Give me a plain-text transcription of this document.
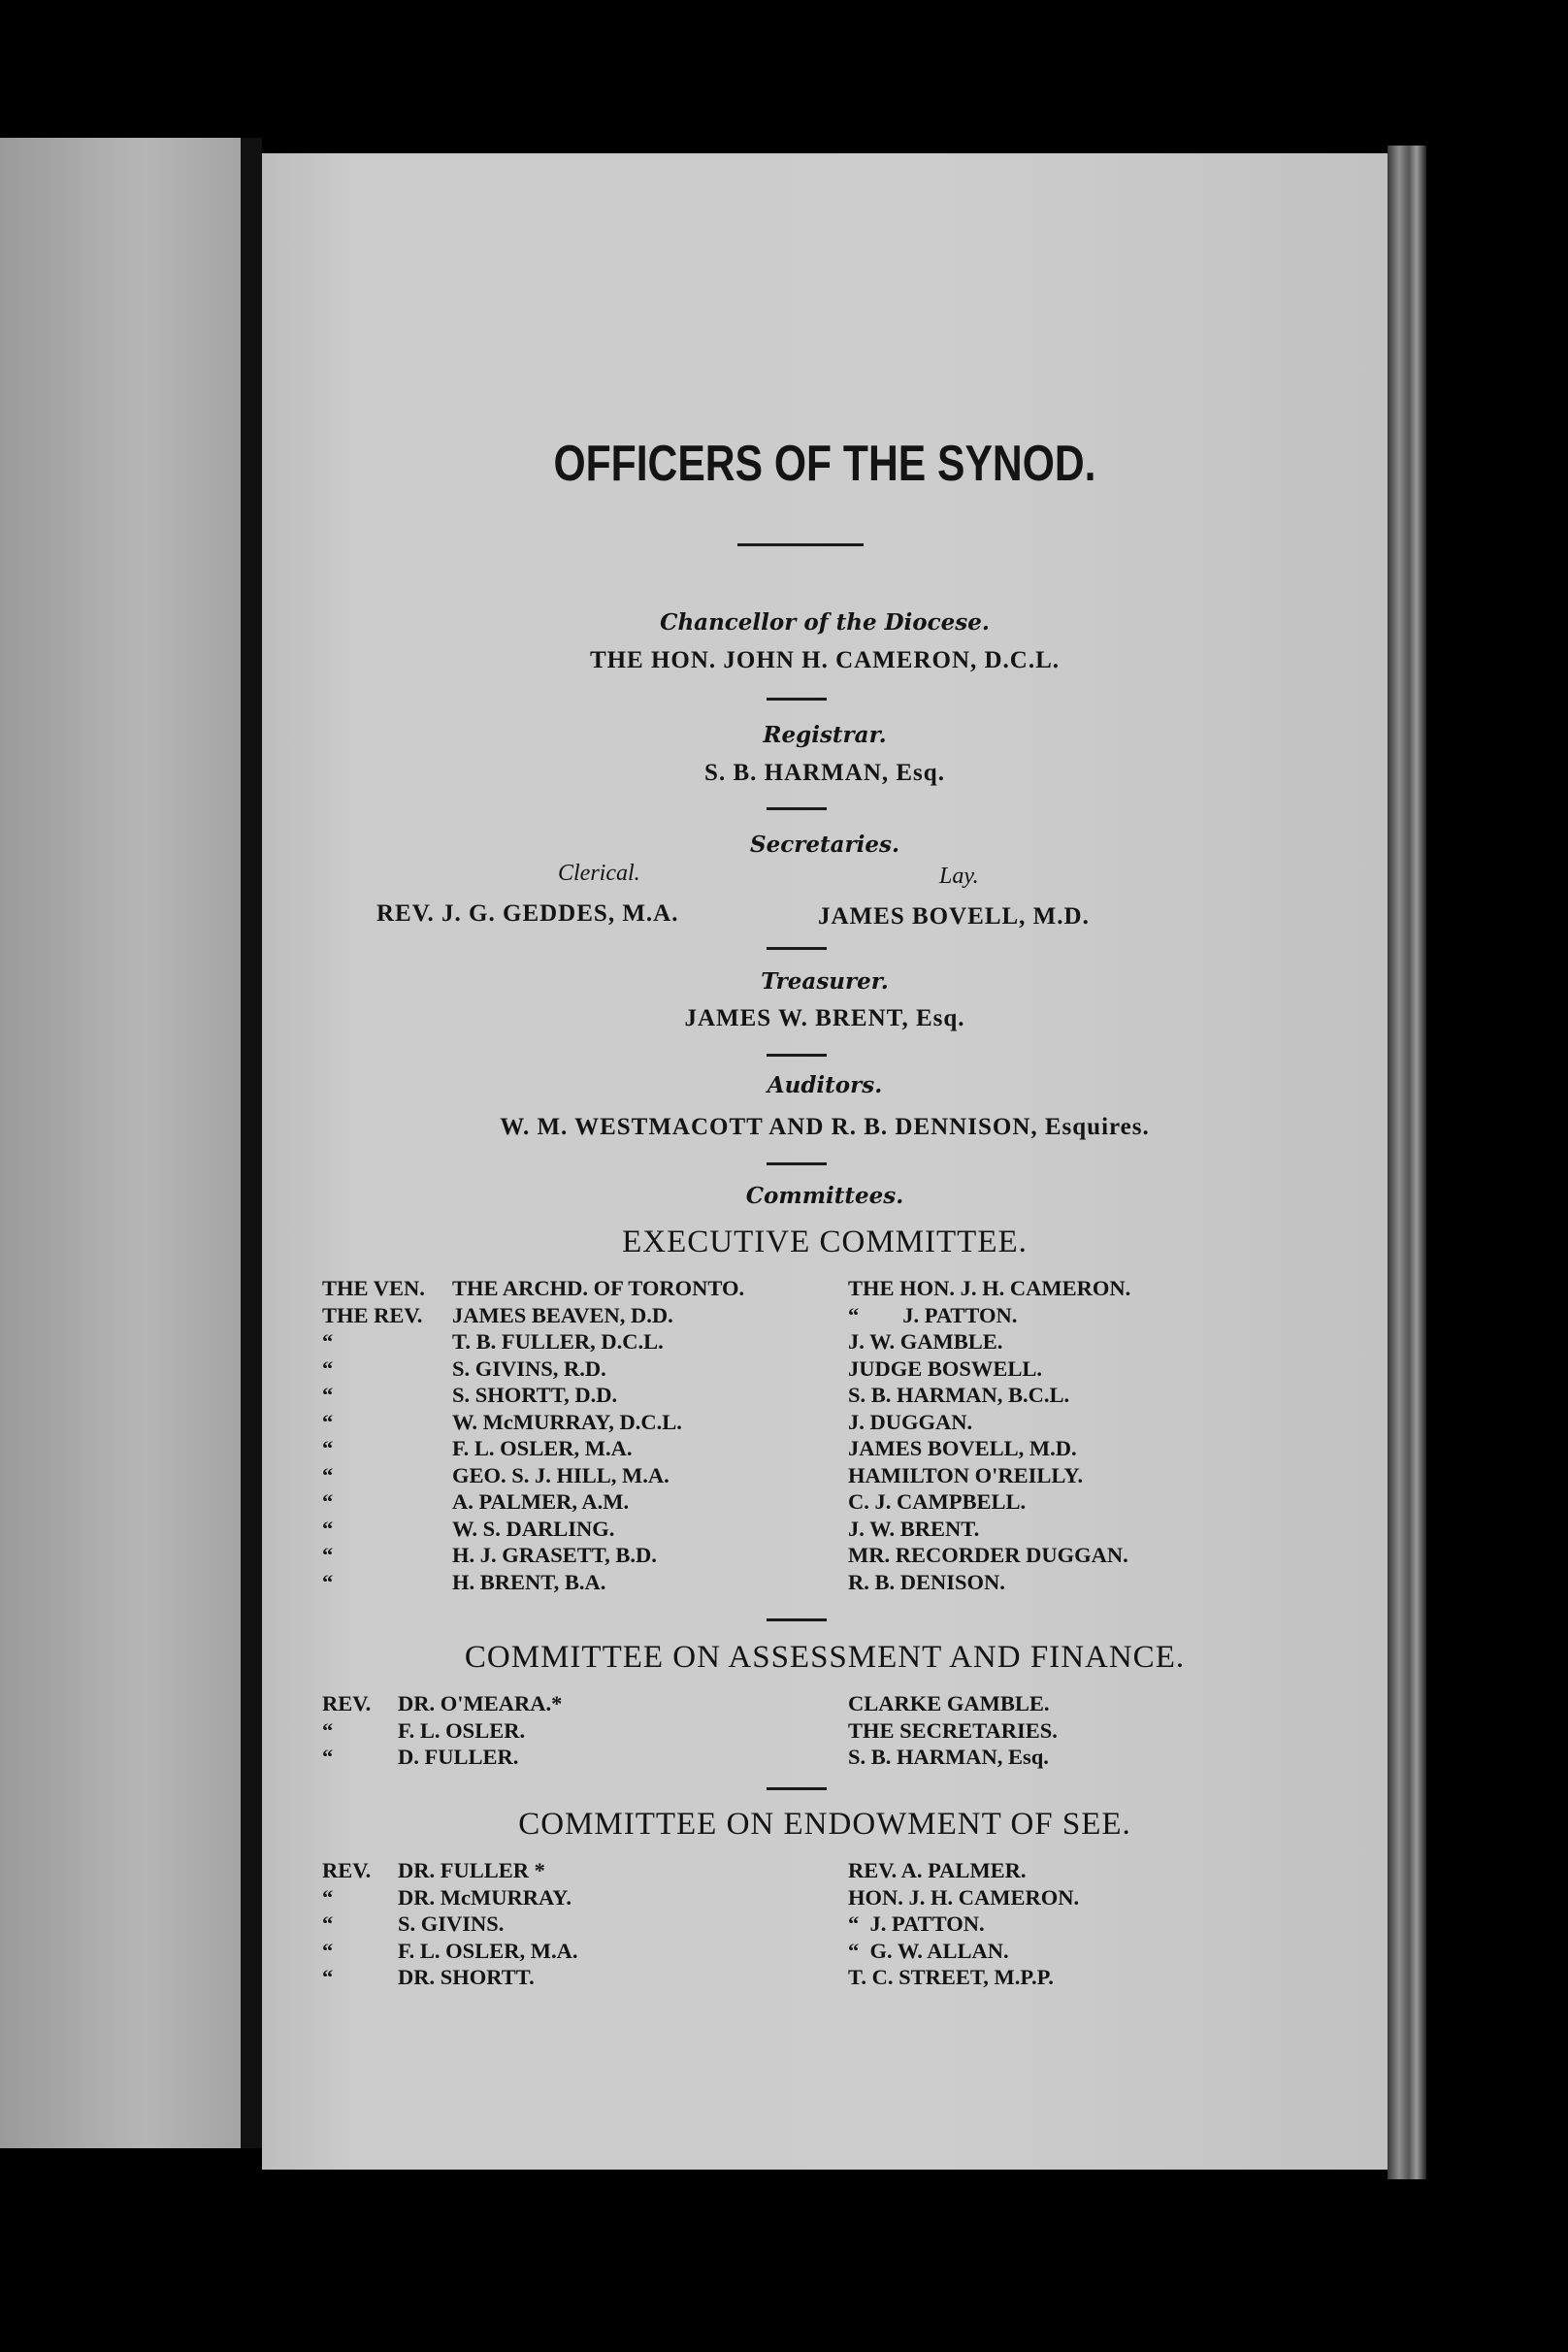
OFFICERS OF THE SYNOD.
Chancellor of the Diocese.
THE HON. JOHN H. CAMERON, D.C.L.
Registrar.
S. B. HARMAN, Esq.
Secretaries.
Clerical.	Lay.
REV. J. G. GEDDES, M.A.	JAMES BOVELL, M.D.
Treasurer.
JAMES W. BRENT, Esq.
Auditors.
W. M. WESTMACOTT AND R. B. DENNISON, Esquires.
Committees.
EXECUTIVE COMMITTEE.
THE VEN.
THE REV.
“
“
“
“
“
“
“
“
“
“
THE ARCHD. OF TORONTO.
JAMES BEAVEN, D.D.
T. B. FULLER, D.C.L.
S. GIVINS, R.D.
S. SHORTT, D.D.
W. McMURRAY, D.C.L.
F. L. OSLER, M.A.
GEO. S. J. HILL, M.A.
A. PALMER, A.M.
W. S. DARLING.
H. J. GRASETT, B.D.
H. BRENT, B.A.
THE HON. J. H. CAMERON.
“        J. PATTON.
J. W. GAMBLE.
JUDGE BOSWELL.
S. B. HARMAN, B.C.L.
J. DUGGAN.
JAMES BOVELL, M.D.
HAMILTON O'REILLY.
C. J. CAMPBELL.
J. W. BRENT.
MR. RECORDER DUGGAN.
R. B. DENISON.
COMMITTEE ON ASSESSMENT AND FINANCE.
REV.
“
“
DR. O'MEARA.*
F. L. OSLER.
D. FULLER.
CLARKE GAMBLE.
THE SECRETARIES.
S. B. HARMAN, Esq.
COMMITTEE ON ENDOWMENT OF SEE.
REV.
“
“
“
“
DR. FULLER *
DR. McMURRAY.
S. GIVINS.
F. L. OSLER, M.A.
DR. SHORTT.
REV. A. PALMER.
HON. J. H. CAMERON.
“  J. PATTON.
“  G. W. ALLAN.
T. C. STREET, M.P.P.
